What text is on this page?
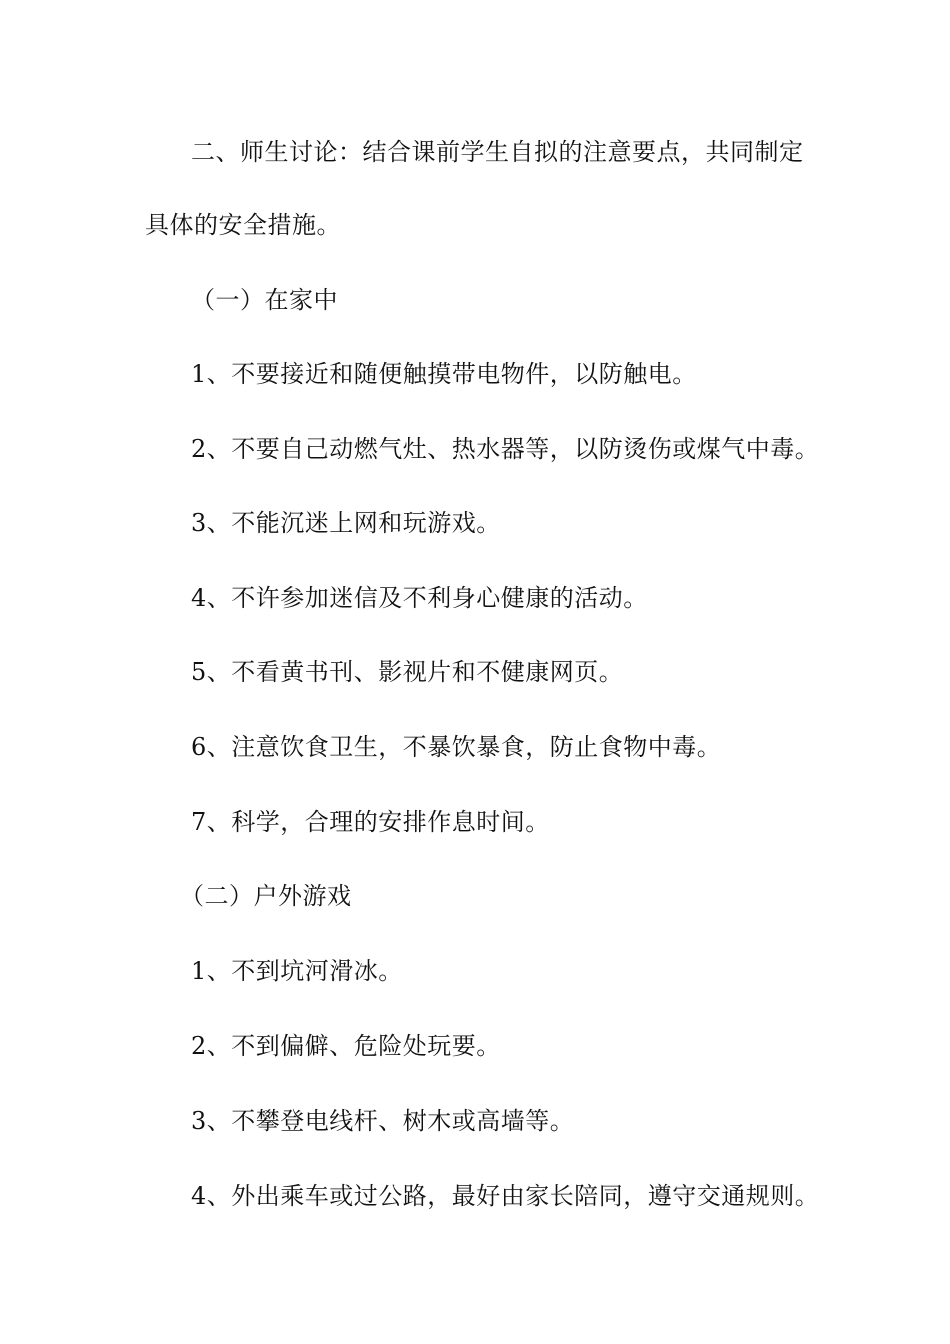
二、师生讨论：结合课前学生自拟的注意要点，共同制定
具体的安全措施。
（一）在家中
1、不要接近和随便触摸带电物件，以防触电。
2、不要自己动燃气灶、热水器等，以防烫伤或煤气中毒。
3、不能沉迷上网和玩游戏。
4、不许参加迷信及不利身心健康的活动。
5、不看黄书刊、影视片和不健康网页。
6、注意饮食卫生，不暴饮暴食，防止食物中毒。
7、科学，合理的安排作息时间。
（二）户外游戏
1、不到坑河滑冰。
2、不到偏僻、危险处玩要。
3、不攀登电线杆、树木或高墙等。
4、外出乘车或过公路，最好由家长陪同，遵守交通规则。
